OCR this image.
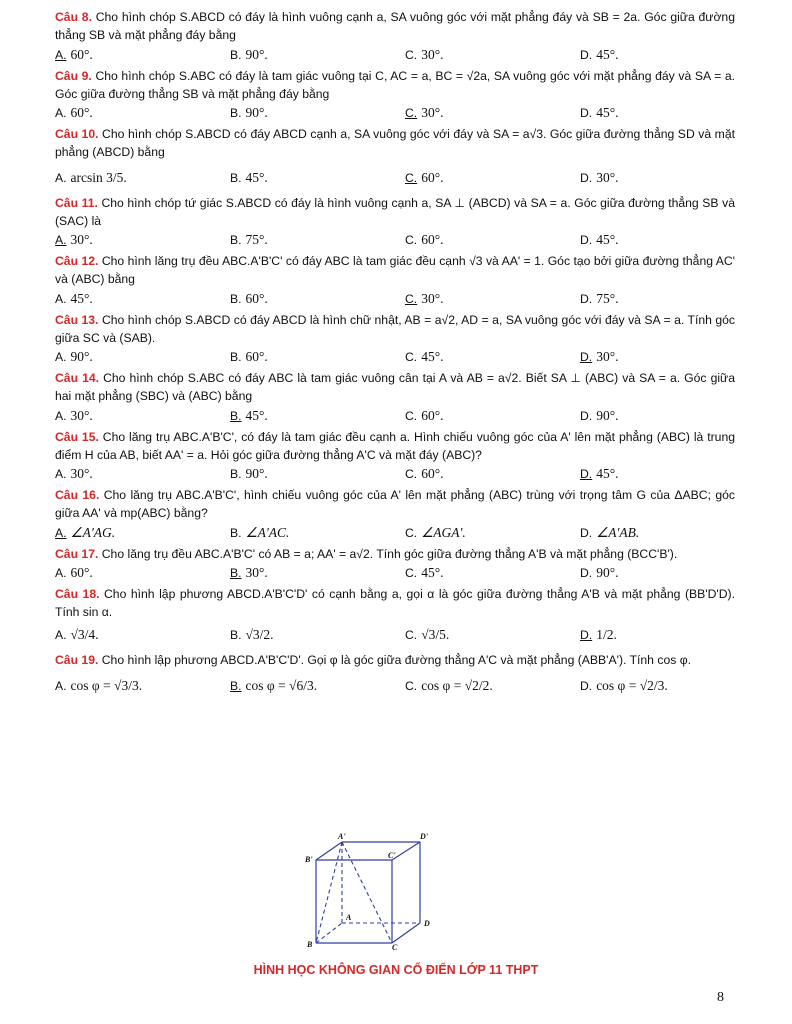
Câu 8. Cho hình chóp S.ABCD có đáy là hình vuông cạnh a, SA vuông góc với mặt phẳng đáy và SB = 2a. Góc giữa đường thẳng SB và mặt phẳng đáy bằng

A. 60°.	B. 90°.	C. 30°.	D. 45°.

Câu 9. Cho hình chóp S.ABC có đáy là tam giác vuông tại C, AC = a, BC = √2a, SA vuông góc với mặt phẳng đáy và SA = a. Góc giữa đường thẳng SB và mặt phẳng đáy bằng

A. 60°.	B. 90°.	C. 30°.	D. 45°.

Câu 10. Cho hình chóp S.ABCD có đáy ABCD cạnh a, SA vuông góc với đáy và SA = a√3. Góc giữa đường thẳng SD và mặt phẳng (ABCD) bằng

A. arcsin 3/5.	B. 45°.	C. 60°.	D. 30°.

Câu 11. Cho hình chóp tứ giác S.ABCD có đáy là hình vuông cạnh a, SA ⊥ (ABCD) và SA = a. Góc giữa đường thẳng SB và (SAC) là

A. 30°.	B. 75°.	C. 60°.	D. 45°.

Câu 12. Cho hình lăng trụ đều ABC.A'B'C' có đáy ABC là tam giác đều cạnh √3 và AA' = 1. Góc tạo bởi giữa đường thẳng AC' và (ABC) bằng

A. 45°.	B. 60°.	C. 30°.	D. 75°.

Câu 13. Cho hình chóp S.ABCD có đáy ABCD là hình chữ nhật, AB = a√2, AD = a, SA vuông góc với đáy và SA = a. Tính góc giữa SC và (SAB).

A. 90°.	B. 60°.	C. 45°.	D. 30°.

Câu 14. Cho hình chóp S.ABC có đáy ABC là tam giác vuông cân tại A và AB = a√2. Biết SA ⊥ (ABC) và SA = a. Góc giữa hai mặt phẳng (SBC) và (ABC) bằng

A. 30°.	B. 45°.	C. 60°.	D. 90°.

Câu 15. Cho lăng trụ ABC.A'B'C', có đáy là tam giác đều cạnh a. Hình chiếu vuông góc của A' lên mặt phẳng (ABC) là trung điểm H của AB, biết AA' = a. Hỏi góc giữa đường thẳng A'C và mặt đáy (ABC)?

A. 30°.	B. 90°.	C. 60°.	D. 45°.

Câu 16. Cho lăng trụ ABC.A'B'C', hình chiếu vuông góc của A' lên mặt phẳng (ABC) trùng với trọng tâm G của ΔABC; góc giữa AA' và mp(ABC) bằng?

A. ∠A'AG.	B. ∠A'AC.	C. ∠AGA'.	D. ∠A'AB.

Câu 17. Cho lăng trụ đều ABC.A'B'C' có AB = a; AA' = a√2. Tính góc giữa đường thẳng A'B và mặt phẳng (BCC'B').

A. 60°.	B. 30°.	C. 45°.	D. 90°.

Câu 18. Cho hình lập phương ABCD.A'B'C'D' có cạnh bằng a, gọi α là góc giữa đường thẳng A'B và mặt phẳng (BB'D'D). Tính sin α.

A. √3/4.	B. √3/2.	C. √3/5.	D. 1/2.

Câu 19. Cho hình lập phương ABCD.A'B'C'D'. Gọi φ là góc giữa đường thẳng A'C và mặt phẳng (ABB'A'). Tính cos φ.

A. cos φ = √3/3.	B. cos φ = √6/3.	C. cos φ = √2/2.	D. cos φ = √2/3.
A'	D'
B'	C'
A
D
B	C
HÌNH HỌC KHÔNG GIAN CỔ ĐIỂN LỚP 11 THPT
8
